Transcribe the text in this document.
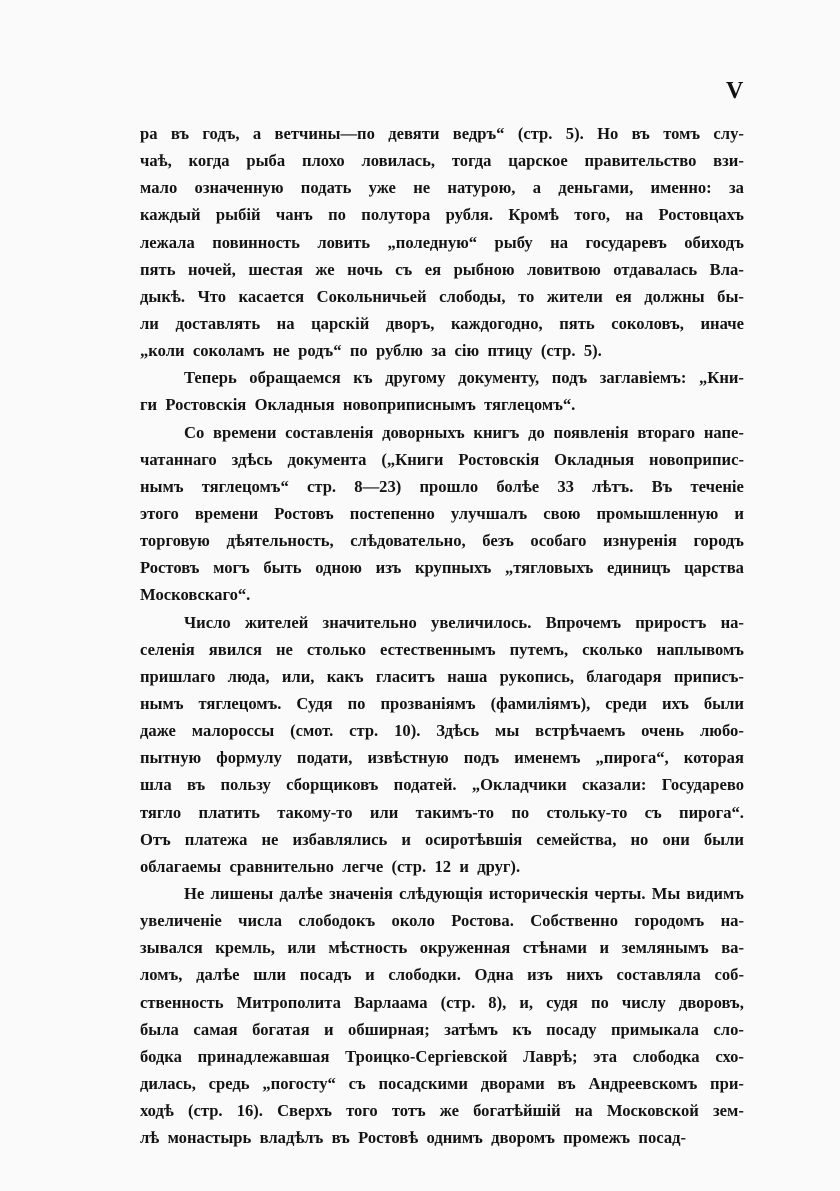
V
ра въ годъ, а ветчины—по девяти ведръ“ (стр. 5). Но въ томъ слу-
чаѣ, когда рыба плохо ловилась, тогда царское правительство взи-
мало означенную подать уже не натурою, а деньгами, именно: за
каждый рыбій чанъ по полутора рубля. Кромѣ того, на Ростовцахъ
лежала повинность ловить „поледную“ рыбу на государевъ обиходъ
пять ночей, шестая же ночь съ ея рыбною ловитвою отдавалась Вла-
дыкѣ. Что касается Сокольничьей слободы, то жители ея должны бы-
ли доставлять на царскій дворъ, каждогодно, пять соколовъ, иначе
„коли соколамъ не родъ“ по рублю за сію птицу (стр. 5).
Теперь обращаемся къ другому документу, подъ заглавіемъ: „Кни-
ги Ростовскія Окладныя новоприписнымъ тяглецомъ“.
Со времени составленія доворныхъ книгъ до появленія втораго напе-
чатаннаго здѣсь документа („Книги Ростовскія Окладныя новоприпис-
нымъ тяглецомъ“ стр. 8—23) прошло болѣе 33 лѣтъ. Въ теченіе
этого времени Ростовъ постепенно улучшалъ свою промышленную и
торговую дѣятельность, слѣдовательно, безъ особаго изнуренія городъ
Ростовъ могъ быть одною изъ крупныхъ „тягловыхъ единицъ царства
Московскаго“.
Число жителей значительно увеличилось. Впрочемъ приростъ на-
селенія явился не столько естественнымъ путемъ, сколько наплывомъ
пришлаго люда, или, какъ гласитъ наша рукопись, благодаря приписъ-
нымъ тяглецомъ. Судя по прозваніямъ (фамиліямъ), среди ихъ были
даже малороссы (смот. стр. 10). Здѣсь мы встрѣчаемъ очень любо-
пытную формулу подати, извѣстную подъ именемъ „пирога“, которая
шла въ пользу сборщиковъ податей. „Окладчики сказали: Государево
тягло платить такому-то или такимъ-то по стольку-то съ пирога“.
Отъ платежа не избавлялись и осиротѣвшія семейства, но они были
облагаемы сравнительно легче (стр. 12 и друг).
Не лишены далѣе значенія слѣдующія историческія черты. Мы видимъ
увеличеніе числа слободокъ около Ростова. Собственно городомъ на-
зывался кремль, или мѣстность окруженная стѣнами и землянымъ ва-
ломъ, далѣе шли посадъ и слободки. Одна изъ нихъ составляла соб-
ственность Митрополита Варлаама (стр. 8), и, судя по числу дворовъ,
была самая богатая и обширная; затѣмъ къ посаду примыкала сло-
бодка принадлежавшая Троицко-Сергіевской Лаврѣ; эта слободка схо-
дилась, средь „погосту“ съ посадскими дворами въ Андреевскомъ при-
ходѣ (стр. 16). Сверхъ того тотъ же богатѣйшій на Московской зем-
лѣ монастырь владѣлъ въ Ростовѣ однимъ дворомъ промежъ посад-
